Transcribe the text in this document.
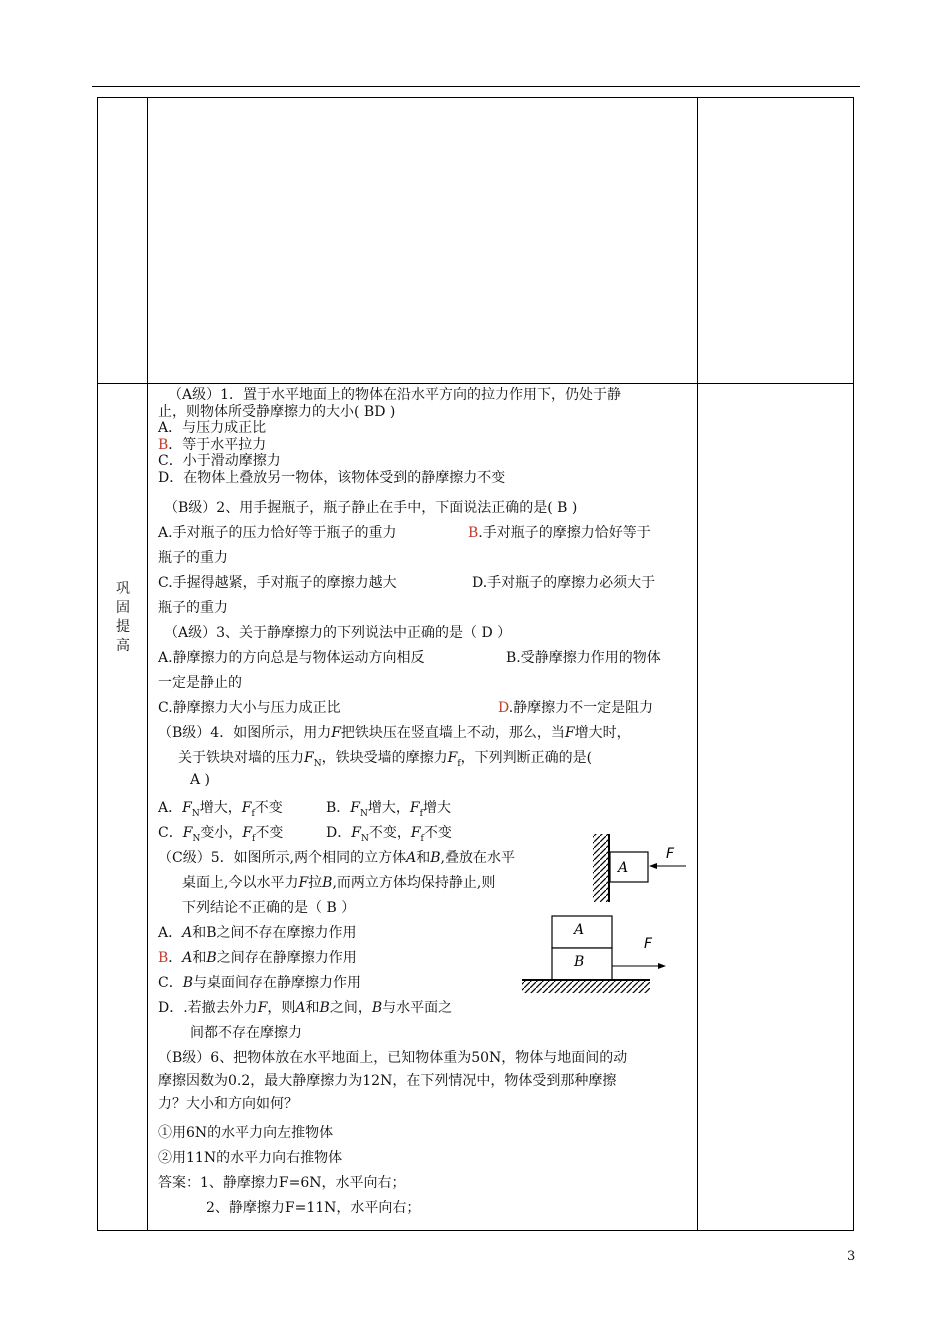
巩固提高
（A级）1．置于水平地面上的物体在沿水平方向的拉力作用下，仍处于静
止，则物体所受静摩擦力的大小( BD )
A．与压力成正比
B．等于水平拉力
C．小于滑动摩擦力
D．在物体上叠放另一物体，该物体受到的静摩擦力不变
（B级）2、用手握瓶子，瓶子静止在手中，下面说法正确的是( B )
A.手对瓶子的压力恰好等于瓶子的重力	B.手对瓶子的摩擦力恰好等于
瓶子的重力
C.手握得越紧，手对瓶子的摩擦力越大	D.手对瓶子的摩擦力必须大于
瓶子的重力
（A级）3、关于静摩擦力的下列说法中正确的是（ D ）
A.静摩擦力的方向总是与物体运动方向相反	B.受静摩擦力作用的物体
一定是静止的
C.静摩擦力大小与压力成正比	D.静摩擦力不一定是阻力
（B级）4．如图所示，用力F把铁块压在竖直墙上不动，那么，当F增大时，
关于铁块对墙的压力$F_N$，铁块受墙的摩擦力$F_f$，下列判断正确的是(
A )
A．$F_N$增大，$F_f$不变	B．$F_N$增大，$F_f$增大
C．$F_N$变小，$F_f$不变	D．$F_N$不变，$F_f$不变
（C级）5．如图所示,两个相同的立方体A和B,叠放在水平
桌面上,今以水平力F拉B,而两立方体均保持静止,则
下列结论不正确的是（ B ）
A．A和B之间不存在摩擦力作用
B．A和B之间存在静摩擦力作用
C．B与桌面间存在静摩擦力作用
D．.若撤去外力F，则A和B之间，B与水平面之
间都不存在摩擦力
（B级）6、把物体放在水平地面上，已知物体重为50N，物体与地面间的动
摩擦因数为0.2，最大静摩擦力为12N，在下列情况中，物体受到那种摩擦
力？大小和方向如何？
①用6N的水平力向左推物体
②用11N的水平力向右推物体
答案：1、静摩擦力F=6N，水平向右；
2、静摩擦力F=11N，水平向右；
A
F
A
B
F
3
